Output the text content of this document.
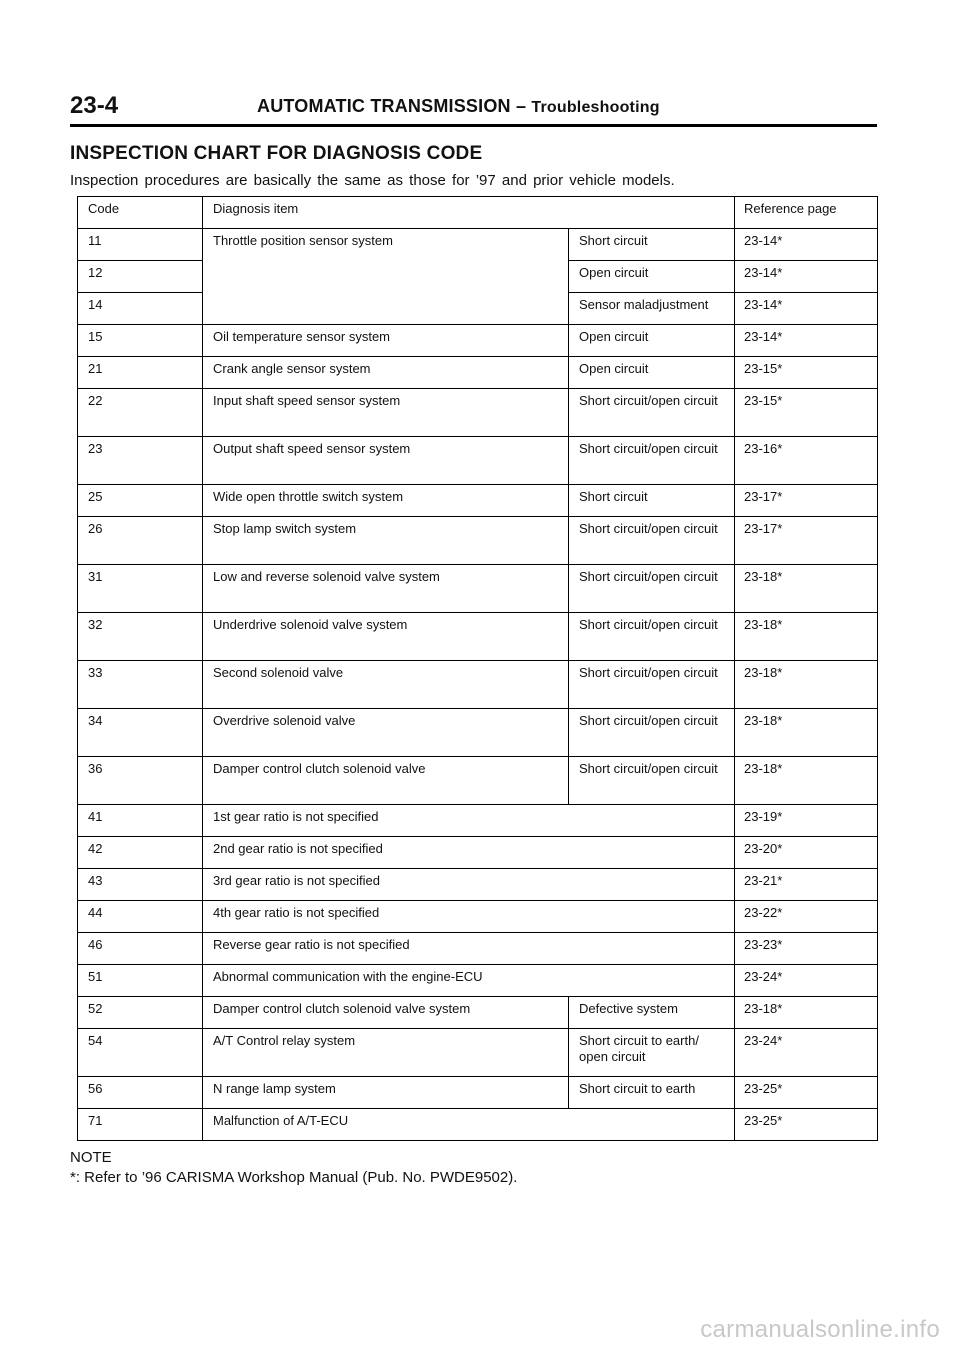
23-4	AUTOMATIC TRANSMISSION – Troubleshooting
INSPECTION CHART FOR DIAGNOSIS CODE
Inspection procedures are basically the same as those for ’97 and prior vehicle models.
Code	Diagnosis item		Reference page
11	Throttle position sensor system	Short circuit	23-14*
12		Open circuit	23-14*
14		Sensor maladjustment	23-14*
15	Oil temperature sensor system	Open circuit	23-14*
21	Crank angle sensor system	Open circuit	23-15*
22	Input shaft speed sensor system	Short circuit/open circuit	23-15*
23	Output shaft speed sensor system	Short circuit/open circuit	23-16*
25	Wide open throttle switch system	Short circuit	23-17*
26	Stop lamp switch system	Short circuit/open circuit	23-17*
31	Low and reverse solenoid valve system	Short circuit/open circuit	23-18*
32	Underdrive solenoid valve system	Short circuit/open circuit	23-18*
33	Second solenoid valve	Short circuit/open circuit	23-18*
34	Overdrive solenoid valve	Short circuit/open circuit	23-18*
36	Damper control clutch solenoid valve	Short circuit/open circuit	23-18*
41	1st gear ratio is not specified		23-19*
42	2nd gear ratio is not specified		23-20*
43	3rd gear ratio is not specified		23-21*
44	4th gear ratio is not specified		23-22*
46	Reverse gear ratio is not specified		23-23*
51	Abnormal communication with the engine-ECU		23-24*
52	Damper control clutch solenoid valve system	Defective system	23-18*
54	A/T Control relay system	Short circuit to earth/ open circuit	23-24*
56	N range lamp system	Short circuit to earth	23-25*
71	Malfunction of A/T-ECU		23-25*
NOTE
*: Refer to ’96 CARISMA Workshop Manual (Pub. No. PWDE9502).
carmanualsonline.info
